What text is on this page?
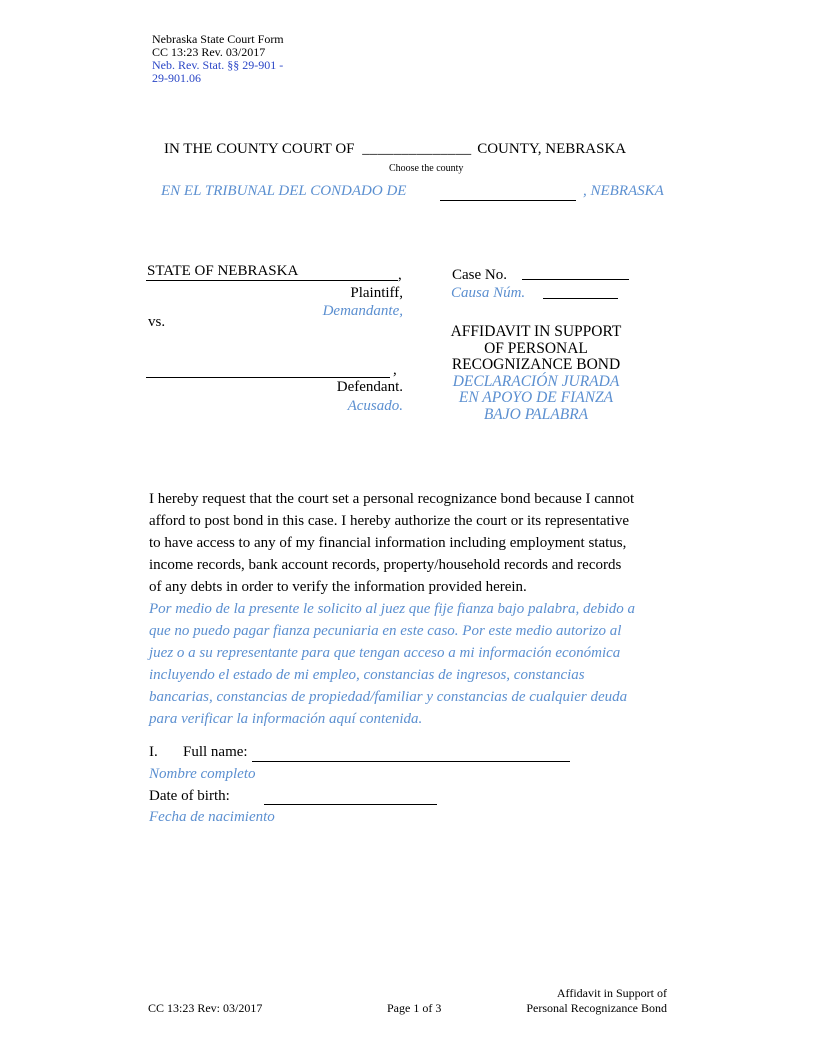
Nebraska State Court Form
CC 13:23 Rev. 03/2017
Neb. Rev. Stat. §§ 29-901 -
29-901.06
IN THE COUNTY COURT OF ______________ COUNTY, NEBRASKA
Choose the county
EN EL TRIBUNAL DEL CONDADO DE	, NEBRASKA
STATE OF NEBRASKA	,
Plaintiff,
Demandante,
vs.
,
Defendant.
Acusado.
Case No.
Causa Núm.
AFFIDAVIT IN SUPPORT
OF PERSONAL
RECOGNIZANCE BOND
DECLARACIÓN JURADA
EN APOYO DE FIANZA
BAJO PALABRA
I hereby request that the court set a personal recognizance bond because I cannot
afford to post bond in this case. I hereby authorize the court or its representative
to have access to any of my financial information including employment status,
income records, bank account records, property/household records and records
of any debts in order to verify the information provided herein.
Por medio de la presente le solicito al juez que fije fianza bajo palabra, debido a
que no puedo pagar fianza pecuniaria en este caso. Por este medio autorizo al
juez o a su representante para que tengan acceso a mi información económica
incluyendo el estado de mi empleo, constancias de ingresos, constancias
bancarias, constancias de propiedad/familiar y constancias de cualquier deuda
para verificar la información aquí contenida.
I. Full name:
Nombre completo
Date of birth:
Fecha de nacimiento
CC 13:23 Rev: 03/2017	Page 1 of 3
Affidavit in Support of
Personal Recognizance Bond
